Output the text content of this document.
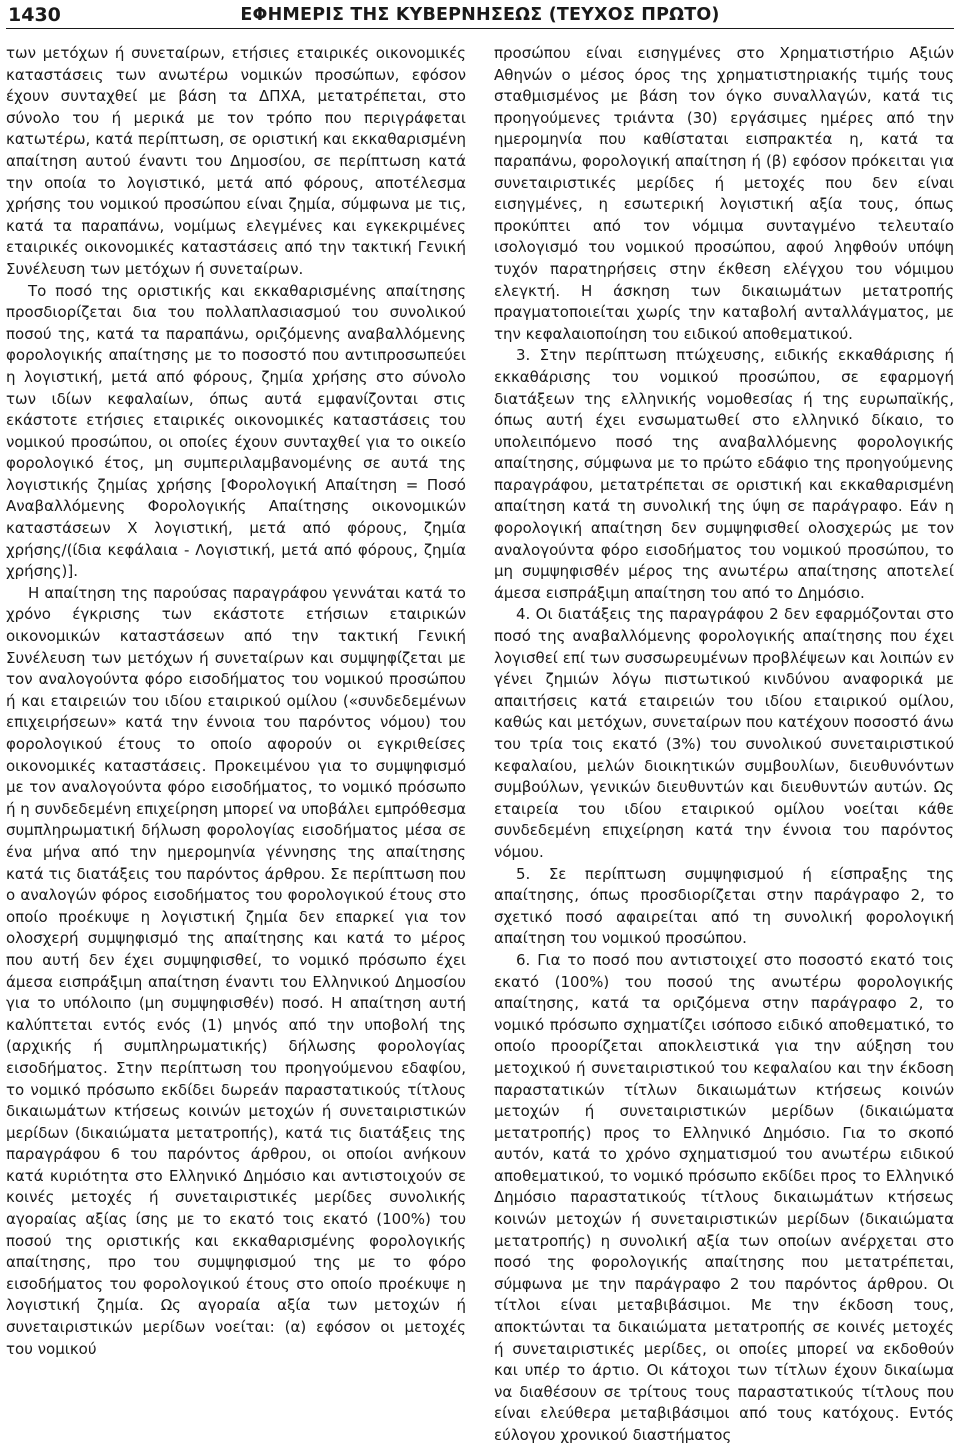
1430	ΕΦΗΜΕΡΙΣ ΤΗΣ ΚΥΒΕΡΝΗΣΕΩΣ (ΤΕΥΧΟΣ ΠΡΩΤΟ)

των μετόχων ή συνεταίρων, ετήσιες εταιρικές οικονομικές καταστάσεις των ανωτέρω νομικών προσώπων, εφόσον έχουν συνταχθεί με βάση τα ΔΠΧΑ, μετατρέπεται, στο σύνολο του ή μερικά με τον τρόπο που περιγράφεται κατωτέρω, κατά περίπτωση, σε οριστική και εκκαθαρισμένη απαίτηση αυτού έναντι του Δημοσίου, σε περίπτωση κατά την οποία το λογιστικό, μετά από φόρους, αποτέλεσμα χρήσης του νομικού προσώπου είναι ζημία, σύμφωνα με τις, κατά τα παραπάνω, νομίμως ελεγμένες και εγκεκριμένες εταιρικές οικονομικές καταστάσεις από την τακτική Γενική Συνέλευση των μετόχων ή συνεταίρων.

Το ποσό της οριστικής και εκκαθαρισμένης απαίτησης προσδιορίζεται δια του πολλαπλασιασμού του συνολικού ποσού της, κατά τα παραπάνω, οριζόμενης αναβαλλόμενης φορολογικής απαίτησης με το ποσοστό που αντιπροσωπεύει η λογιστική, μετά από φόρους, ζημία χρήσης στο σύνολο των ιδίων κεφαλαίων, όπως αυτά εμφανίζονται στις εκάστοτε ετήσιες εταιρικές οικονομικές καταστάσεις του νομικού προσώπου, οι οποίες έχουν συνταχθεί για το οικείο φορολογικό έτος, μη συμπεριλαμβανομένης σε αυτά της λογιστικής ζημίας χρήσης [Φορολογική Απαίτηση = Ποσό Αναβαλλόμενης Φορολογικής Απαίτησης οικονομικών καταστάσεων Χ λογιστική, μετά από φόρους, ζημία χρήσης/(ίδια κεφάλαια - Λογιστική, μετά από φόρους, ζημία χρήσης)].

Η απαίτηση της παρούσας παραγράφου γεννάται κατά το χρόνο έγκρισης των εκάστοτε ετήσιων εταιρικών οικονομικών καταστάσεων από την τακτική Γενική Συνέλευση των μετόχων ή συνεταίρων και συμψηφίζεται με τον αναλογούντα φόρο εισοδήματος του νομικού προσώπου ή και εταιρειών του ιδίου εταιρικού ομίλου («συνδεδεμένων επιχειρήσεων» κατά την έννοια του παρόντος νόμου) του φορολογικού έτους το οποίο αφορούν οι εγκριθείσες οικονομικές καταστάσεις. Προκειμένου για το συμψηφισμό με τον αναλογούντα φόρο εισοδήματος, το νομικό πρόσωπο ή η συνδεδεμένη επιχείρηση μπορεί να υποβάλει εμπρόθεσμα συμπληρωματική δήλωση φορολογίας εισοδήματος μέσα σε ένα μήνα από την ημερομηνία γέννησης της απαίτησης κατά τις διατάξεις του παρόντος άρθρου. Σε περίπτωση που ο αναλογών φόρος εισοδήματος του φορολογικού έτους στο οποίο προέκυψε η λογιστική ζημία δεν επαρκεί για τον ολοσχερή συμψηφισμό της απαίτησης και κατά το μέρος που αυτή δεν έχει συμψηφισθεί, το νομικό πρόσωπο έχει άμεσα εισπράξιμη απαίτηση έναντι του Ελληνικού Δημοσίου για το υπόλοιπο (μη συμψηφισθέν) ποσό. Η απαίτηση αυτή καλύπτεται εντός ενός (1) μηνός από την υποβολή της (αρχικής ή συμπληρωματικής) δήλωσης φορολογίας εισοδήματος. Στην περίπτωση του προηγούμενου εδαφίου, το νομικό πρόσωπο εκδίδει δωρεάν παραστατικούς τίτλους δικαιωμάτων κτήσεως κοινών μετοχών ή συνεταιριστικών μερίδων (δικαιώματα μετατροπής), κατά τις διατάξεις της παραγράφου 6 του παρόντος άρθρου, οι οποίοι ανήκουν κατά κυριότητα στο Ελληνικό Δημόσιο και αντιστοιχούν σε κοινές μετοχές ή συνεταιριστικές μερίδες συνολικής αγοραίας αξίας ίσης με το εκατό τοις εκατό (100%) του ποσού της οριστικής και εκκαθαρισμένης φορολογικής απαίτησης, προ του συμψηφισμού της με το φόρο εισοδήματος του φορολογικού έτους στο οποίο προέκυψε η λογιστική ζημία. Ως αγοραία αξία των μετοχών ή συνεταιριστικών μερίδων νοείται: (α) εφόσον οι μετοχές του νομικού

προσώπου είναι εισηγμένες στο Χρηματιστήριο Αξιών Αθηνών ο μέσος όρος της χρηματιστηριακής τιμής τους σταθμισμένος με βάση τον όγκο συναλλαγών, κατά τις προηγούμενες τριάντα (30) εργάσιμες ημέρες από την ημερομηνία που καθίσταται εισπρακτέα η, κατά τα παραπάνω, φορολογική απαίτηση ή (β) εφόσον πρόκειται για συνεταιριστικές μερίδες ή μετοχές που δεν είναι εισηγμένες, η εσωτερική λογιστική αξία τους, όπως προκύπτει από τον νόμιμα συνταγμένο τελευταίο ισολογισμό του νομικού προσώπου, αφού ληφθούν υπόψη τυχόν παρατηρήσεις στην έκθεση ελέγχου του νόμιμου ελεγκτή. Η άσκηση των δικαιωμάτων μετατροπής πραγματοποιείται χωρίς την καταβολή ανταλλάγματος, με την κεφαλαιοποίηση του ειδικού αποθεματικού.

3. Στην περίπτωση πτώχευσης, ειδικής εκκαθάρισης ή εκκαθάρισης του νομικού προσώπου, σε εφαρμογή διατάξεων της ελληνικής νομοθεσίας ή της ευρωπαϊκής, όπως αυτή έχει ενσωματωθεί στο ελληνικό δίκαιο, το υπολειπόμενο ποσό της αναβαλλόμενης φορολογικής απαίτησης, σύμφωνα με το πρώτο εδάφιο της προηγούμενης παραγράφου, μετατρέπεται σε οριστική και εκκαθαρισμένη απαίτηση κατά τη συνολική της ύψη σε παράγραφο. Εάν η φορολογική απαίτηση δεν συμψηφισθεί ολοσχερώς με τον αναλογούντα φόρο εισοδήματος του νομικού προσώπου, το μη συμψηφισθέν μέρος της ανωτέρω απαίτησης αποτελεί άμεσα εισπράξιμη απαίτηση του από το Δημόσιο.

4. Οι διατάξεις της παραγράφου 2 δεν εφαρμόζονται στο ποσό της αναβαλλόμενης φορολογικής απαίτησης που έχει λογισθεί επί των συσσωρευμένων προβλέψεων και λοιπών εν γένει ζημιών λόγω πιστωτικού κινδύνου αναφορικά με απαιτήσεις κατά εταιρειών του ιδίου εταιρικού ομίλου, καθώς και μετόχων, συνεταίρων που κατέχουν ποσοστό άνω του τρία τοις εκατό (3%) του συνολικού συνεταιριστικού κεφαλαίου, μελών διοικητικών συμβουλίων, διευθυνόντων συμβούλων, γενικών διευθυντών και διευθυντών αυτών. Ως εταιρεία του ιδίου εταιρικού ομίλου νοείται κάθε συνδεδεμένη επιχείρηση κατά την έννοια του παρόντος νόμου.

5. Σε περίπτωση συμψηφισμού ή είσπραξης της απαίτησης, όπως προσδιορίζεται στην παράγραφο 2, το σχετικό ποσό αφαιρείται από τη συνολική φορολογική απαίτηση του νομικού προσώπου.

6. Για το ποσό που αντιστοιχεί στο ποσοστό εκατό τοις εκατό (100%) του ποσού της ανωτέρω φορολογικής απαίτησης, κατά τα οριζόμενα στην παράγραφο 2, το νομικό πρόσωπο σχηματίζει ισόποσο ειδικό αποθεματικό, το οποίο προορίζεται αποκλειστικά για την αύξηση του μετοχικού ή συνεταιριστικού του κεφαλαίου και την έκδοση παραστατικών τίτλων δικαιωμάτων κτήσεως κοινών μετοχών ή συνεταιριστικών μερίδων (δικαιώματα μετατροπής) προς το Ελληνικό Δημόσιο. Για το σκοπό αυτόν, κατά το χρόνο σχηματισμού του ανωτέρω ειδικού αποθεματικού, το νομικό πρόσωπο εκδίδει προς το Ελληνικό Δημόσιο παραστατικούς τίτλους δικαιωμάτων κτήσεως κοινών μετοχών ή συνεταιριστικών μερίδων (δικαιώματα μετατροπής) η συνολική αξία των οποίων ανέρχεται στο ποσό της φορολογικής απαίτησης που μετατρέπεται, σύμφωνα με την παράγραφο 2 του παρόντος άρθρου. Οι τίτλοι είναι μεταβιβάσιμοι. Με την έκδοση τους, αποκτώνται τα δικαιώματα μετατροπής σε κοινές μετοχές ή συνεταιριστικές μερίδες, οι οποίες μπορεί να εκδοθούν και υπέρ το άρτιο. Οι κάτοχοι των τίτλων έχουν δικαίωμα να διαθέσουν σε τρίτους τους παραστατικούς τίτλους που είναι ελεύθερα μεταβιβάσιμοι από τους κατόχους. Εντός εύλογου χρονικού διαστήματος
